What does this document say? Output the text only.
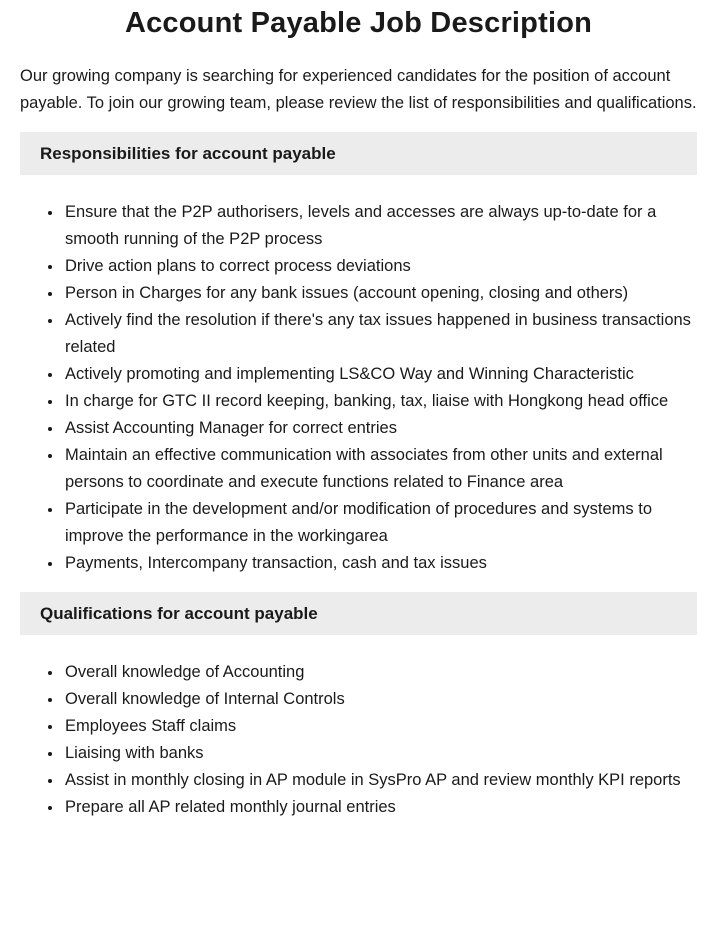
Account Payable Job Description

Our growing company is searching for experienced candidates for the position of account payable. To join our growing team, please review the list of responsibilities and qualifications.

Responsibilities for account payable
• Ensure that the P2P authorisers, levels and accesses are always up-to-date for a smooth running of the P2P process
• Drive action plans to correct process deviations
• Person in Charges for any bank issues (account opening, closing and others)
• Actively find the resolution if there's any tax issues happened in business transactions related
• Actively promoting and implementing LS&CO Way and Winning Characteristic
• In charge for GTC II record keeping, banking, tax, liaise with Hongkong head office
• Assist Accounting Manager for correct entries
• Maintain an effective communication with associates from other units and external persons to coordinate and execute functions related to Finance area
• Participate in the development and/or modification of procedures and systems to improve the performance in the workingarea
• Payments, Intercompany transaction, cash and tax issues
Qualifications for account payable
• Overall knowledge of Accounting
• Overall knowledge of Internal Controls
• Employees Staff claims
• Liaising with banks
• Assist in monthly closing in AP module in SysPro AP and review monthly KPI reports
• Prepare all AP related monthly journal entries
